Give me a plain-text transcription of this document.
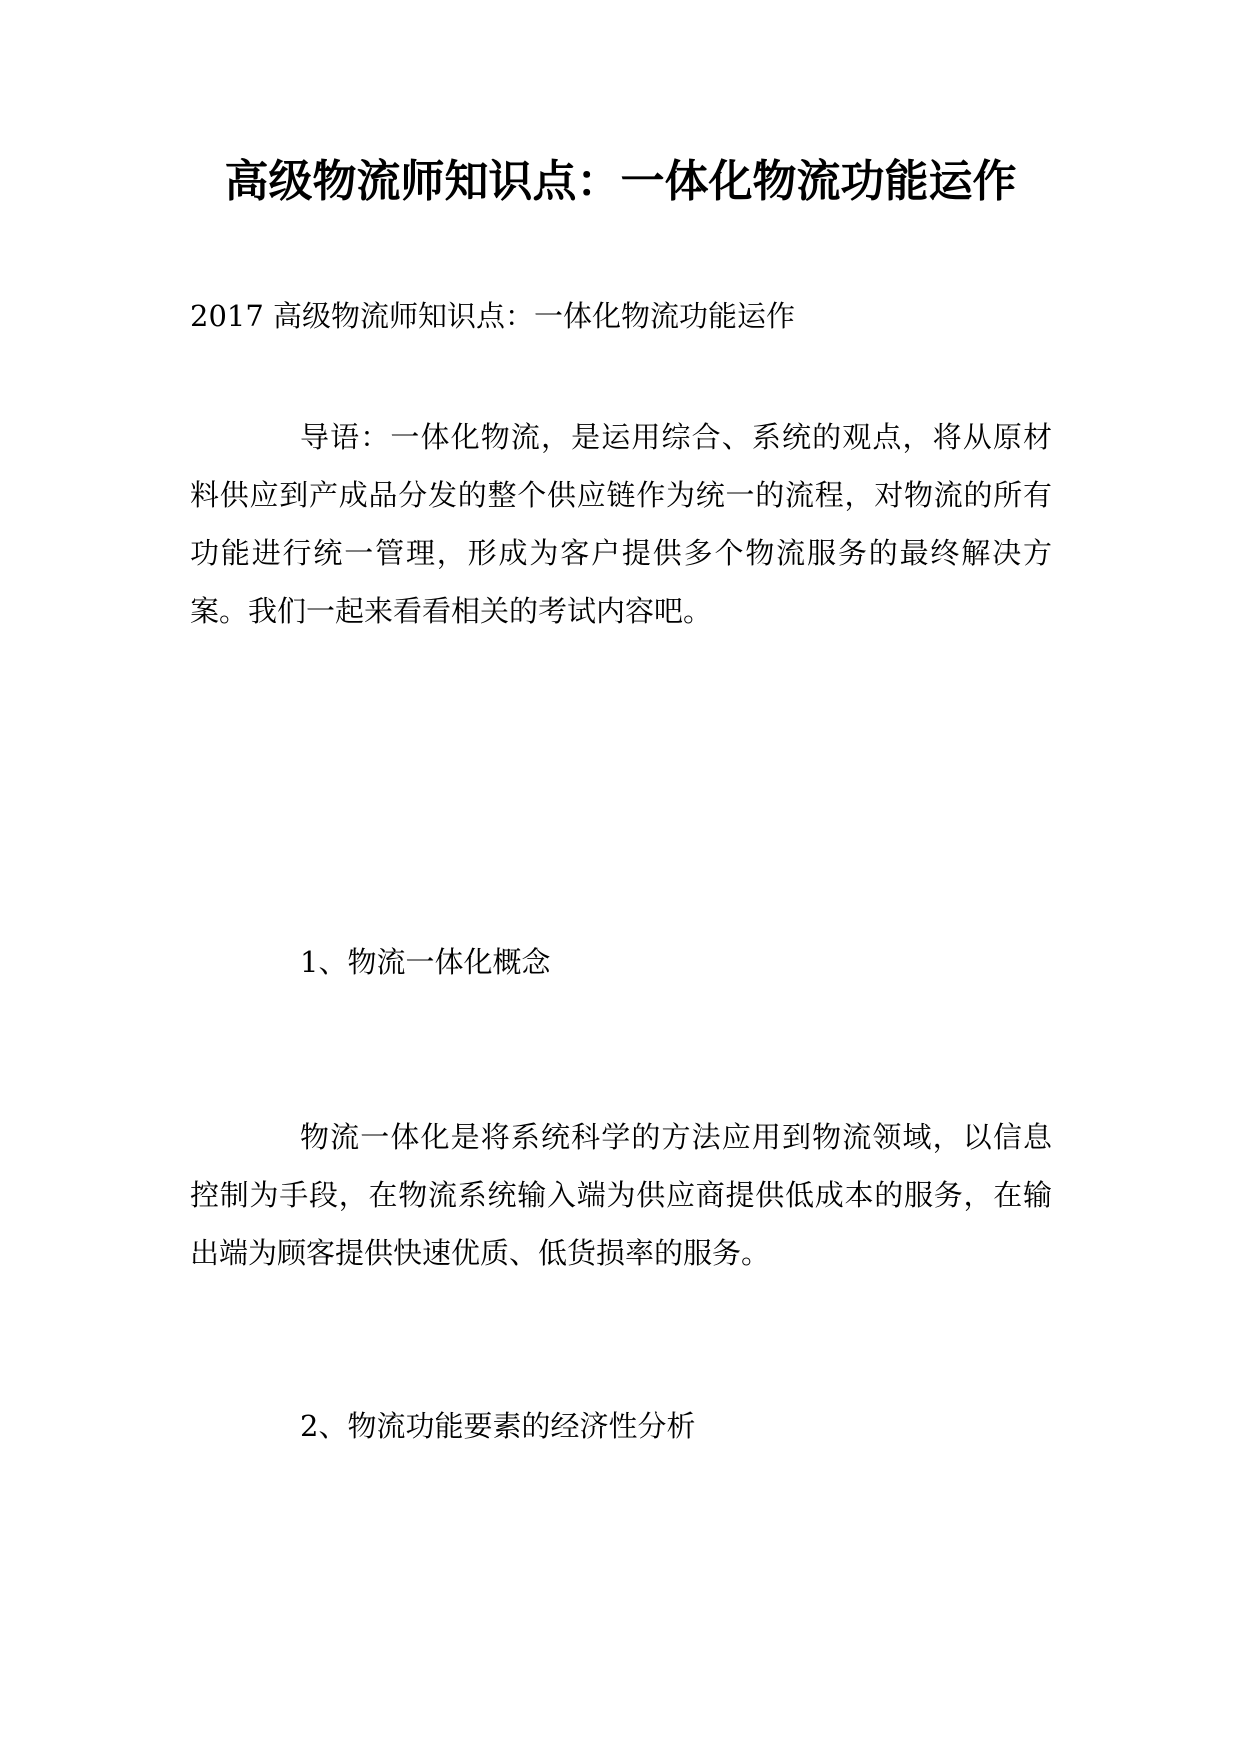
高级物流师知识点：一体化物流功能运作
2017 高级物流师知识点：一体化物流功能运作
导语：一体化物流，是运用综合、系统的观点，将从原材料供应到产成品分发的整个供应链作为统一的流程，对物流的所有功能进行统一管理，形成为客户提供多个物流服务的最终解决方案。我们一起来看看相关的考试内容吧。
1、物流一体化概念
物流一体化是将系统科学的方法应用到物流领域，以信息控制为手段，在物流系统输入端为供应商提供低成本的服务，在输出端为顾客提供快速优质、低货损率的服务。
2、物流功能要素的经济性分析
